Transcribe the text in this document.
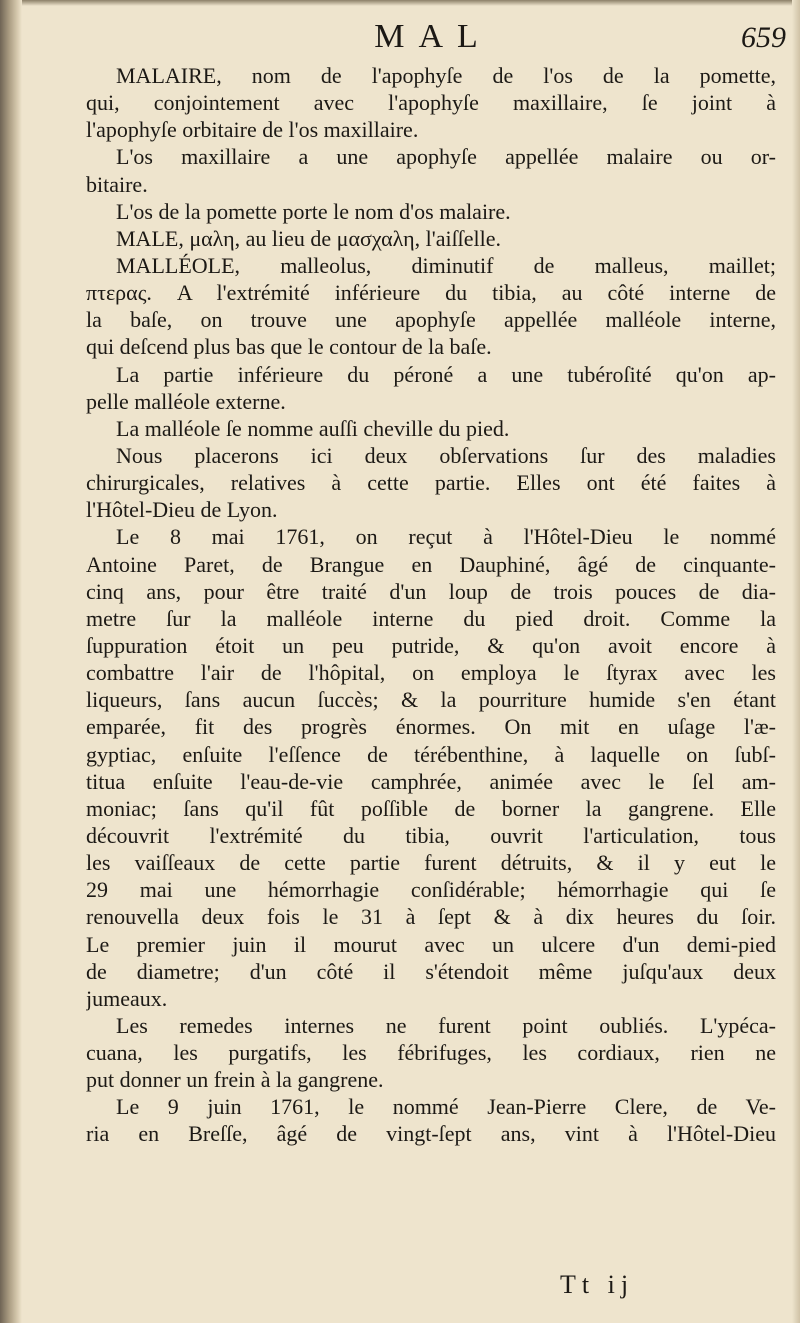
MAL	659
MALAIRE, nom de l'apophyſe de l'os de la pomette,
qui, conjointement avec l'apophyſe maxillaire, ſe joint à
l'apophyſe orbitaire de l'os maxillaire.
L'os maxillaire a une apophyſe appellée malaire ou or-
bitaire.
L'os de la pomette porte le nom d'os malaire.
MALE, μαλη, au lieu de μασχαλη, l'aiſſelle.
MALLÉOLE, malleolus, diminutif de malleus, maillet;
πτερας. A l'extrémité inférieure du tibia, au côté interne de
la baſe, on trouve une apophyſe appellée malléole interne,
qui deſcend plus bas que le contour de la baſe.
La partie inférieure du péroné a une tubéroſité qu'on ap-
pelle malléole externe.
La malléole ſe nomme auſſi cheville du pied.
Nous placerons ici deux obſervations ſur des maladies
chirurgicales, relatives à cette partie. Elles ont été faites à
l'Hôtel-Dieu de Lyon.
Le 8 mai 1761, on reçut à l'Hôtel-Dieu le nommé
Antoine Paret, de Brangue en Dauphiné, âgé de cinquante-
cinq ans, pour être traité d'un loup de trois pouces de dia-
metre ſur la malléole interne du pied droit. Comme la
ſuppuration étoit un peu putride, & qu'on avoit encore à
combattre l'air de l'hôpital, on employa le ſtyrax avec les
liqueurs, ſans aucun ſuccès; & la pourriture humide s'en étant
emparée, fit des progrès énormes. On mit en uſage l'æ-
gyptiac, enſuite l'eſſence de térébenthine, à laquelle on ſubſ-
titua enſuite l'eau-de-vie camphrée, animée avec le ſel am-
moniac; ſans qu'il fût poſſible de borner la gangrene. Elle
découvrit l'extrémité du tibia, ouvrit l'articulation, tous
les vaiſſeaux de cette partie furent détruits, & il y eut le
29 mai une hémorrhagie conſidérable; hémorrhagie qui ſe
renouvella deux fois le 31 à ſept & à dix heures du ſoir.
Le premier juin il mourut avec un ulcere d'un demi-pied
de diametre; d'un côté il s'étendoit même juſqu'aux deux
jumeaux.
Les remedes internes ne furent point oubliés. L'ypéca-
cuana, les purgatifs, les fébrifuges, les cordiaux, rien ne
put donner un frein à la gangrene.
Le 9 juin 1761, le nommé Jean-Pierre Clere, de Ve-
ria en Breſſe, âgé de vingt-ſept ans, vint à l'Hôtel-Dieu
Tt ij
